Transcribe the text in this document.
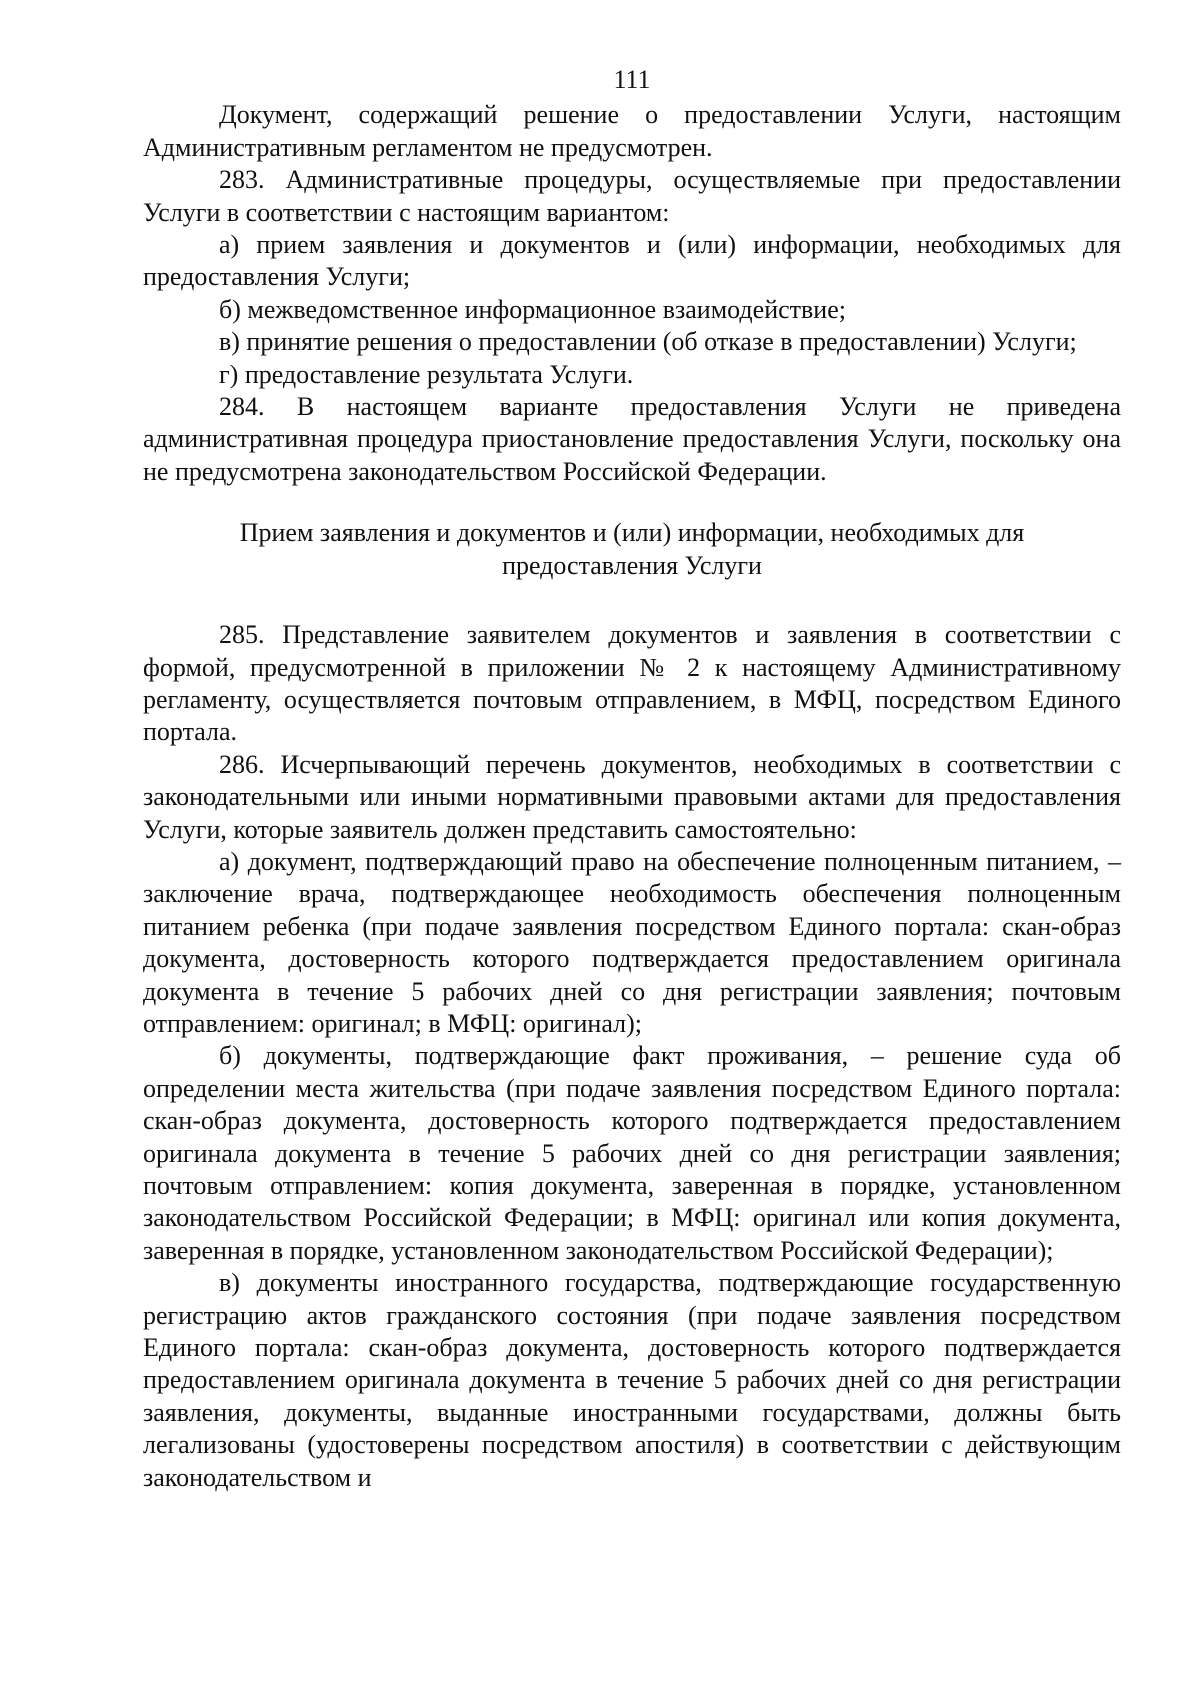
111

Документ, содержащий решение о предоставлении Услуги, настоящим Административным регламентом не предусмотрен.

283. Административные процедуры, осуществляемые при предоставлении Услуги в соответствии с настоящим вариантом:

а) прием заявления и документов и (или) информации, необходимых для предоставления Услуги;

б) межведомственное информационное взаимодействие;

в) принятие решения о предоставлении (об отказе в предоставлении) Услуги;

г) предоставление результата Услуги.

284. В настоящем варианте предоставления Услуги не приведена административная процедура приостановление предоставления Услуги, поскольку она не предусмотрена законодательством Российской Федерации.

Прием заявления и документов и (или) информации, необходимых для
предоставления Услуги

285. Представление заявителем документов и заявления в соответствии с формой, предусмотренной в приложении № 2 к настоящему Административному регламенту, осуществляется почтовым отправлением, в МФЦ, посредством Единого портала.

286. Исчерпывающий перечень документов, необходимых в соответствии с законодательными или иными нормативными правовыми актами для предоставления Услуги, которые заявитель должен представить самостоятельно:

а) документ, подтверждающий право на обеспечение полноценным питанием, – заключение врача, подтверждающее необходимость обеспечения полноценным питанием ребенка (при подаче заявления посредством Единого портала: скан-образ документа, достоверность которого подтверждается предоставлением оригинала документа в течение 5 рабочих дней со дня регистрации заявления; почтовым отправлением: оригинал; в МФЦ: оригинал);

б) документы, подтверждающие факт проживания, – решение суда об определении места жительства (при подаче заявления посредством Единого портала: скан-образ документа, достоверность которого подтверждается предоставлением оригинала документа в течение 5 рабочих дней со дня регистрации заявления; почтовым отправлением: копия документа, заверенная в порядке, установленном законодательством Российской Федерации; в МФЦ: оригинал или копия документа, заверенная в порядке, установленном законодательством Российской Федерации);

в) документы иностранного государства, подтверждающие государственную регистрацию актов гражданского состояния (при подаче заявления посредством Единого портала: скан-образ документа, достоверность которого подтверждается предоставлением оригинала документа в течение 5 рабочих дней со дня регистрации заявления, документы, выданные иностранными государствами, должны быть легализованы (удостоверены посредством апостиля) в соответствии с действующим законодательством и
